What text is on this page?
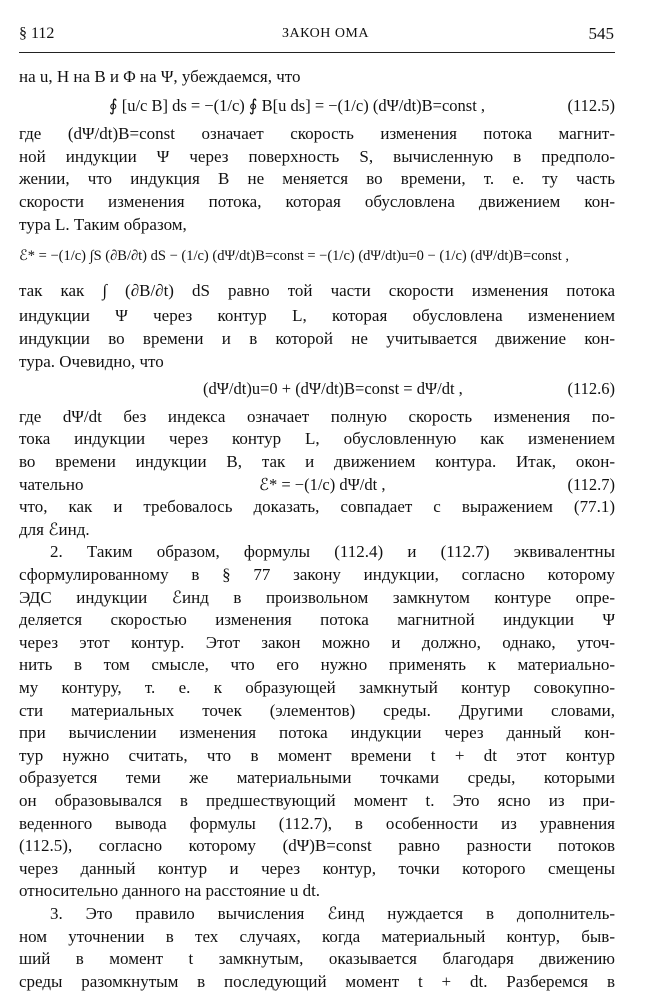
§ 112	ЗАКОН ОМА	545
на u, H на B и Φ на Ψ, убеждаемся, что
∮ [u/c B] ds = −(1/c) ∮ B[u ds] = −(1/c) (dΨ/dt)B=const ,	(112.5)
где (dΨ/dt)B=const означает скорость изменения потока магнит-
ной индукции Ψ через поверхность S, вычисленную в предполо-
жении, что индукция B не меняется во времени, т. е. ту часть
скорости изменения потока, которая обусловлена движением кон-
тура L. Таким образом,
ℰ* = −(1/c) ∫S (∂B/∂t) dS − (1/c) (dΨ/dt)B=const = −(1/c) (dΨ/dt)u=0 − (1/c) (dΨ/dt)B=const ,
так как ∫ (∂B/∂t) dS равно той части скорости изменения потока
индукции Ψ через контур L, которая обусловлена изменением
индукции во времени и в которой не учитывается движение кон-
тура. Очевидно, что
(dΨ/dt)u=0 + (dΨ/dt)B=const = dΨ/dt ,	(112.6)
где dΨ/dt без индекса означает полную скорость изменения по-
тока индукции через контур L, обусловленную как изменением
во времени индукции B, так и движением контура. Итак, окон-
чательно	ℰ* = −(1/c) dΨ/dt ,	(112.7)
что, как и требовалось доказать, совпадает с выражением (77.1)
для ℰинд.
2. Таким образом, формулы (112.4) и (112.7) эквивалентны
сформулированному в § 77 закону индукции, согласно которому
ЭДС индукции ℰинд в произвольном замкнутом контуре опре-
деляется скоростью изменения потока магнитной индукции Ψ
через этот контур. Этот закон можно и должно, однако, уточ-
нить в том смысле, что его нужно применять к материально-
му контуру, т. е. к образующей замкнутый контур совокупно-
сти материальных точек (элементов) среды. Другими словами,
при вычислении изменения потока индукции через данный кон-
тур нужно считать, что в момент времени t + dt этот контур
образуется теми же материальными точками среды, которыми
он образовывался в предшествующий момент t. Это ясно из при-
веденного вывода формулы (112.7), в особенности из уравнения
(112.5), согласно которому (dΨ)B=const равно разности потоков
через данный контур и через контур, точки которого смещены
относительно данного на расстояние u dt.
3. Это правило вычисления ℰинд нуждается в дополнитель-
ном уточнении в тех случаях, когда материальный контур, быв-
ший в момент t замкнутым, оказывается благодаря движению
среды разомкнутым в последующий момент t + dt. Разберемся в
